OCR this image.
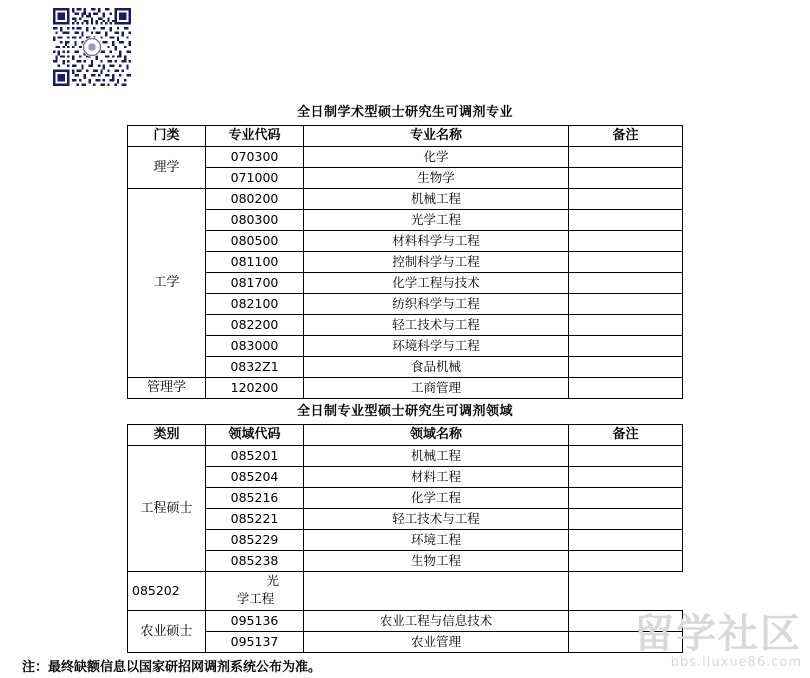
全日制学术型硕士研究生可调剂专业
门类	专业代码	专业名称	备注
理学	070300	化学	
	071000	生物学	
工学	080200	机械工程	
	080300	光学工程	
	080500	材料科学与工程	
	081100	控制科学与工程	
	081700	化学工程与技术	
	082100	纺织科学与工程	
	082200	轻工技术与工程	
	083000	环境科学与工程	
	0832Z1	食品机械	
管理学	120200	工商管理	
全日制专业型硕士研究生可调剂领域
类别	领域代码	领域名称	备注
工程硕士	085201	机械工程	
	085204	材料工程	
	085216	化学工程	
	085221	轻工技术与工程	
	085229	环境工程	
	085238	生物工程	
085202	光
学工程		
农业硕士	095136	农业工程与信息技术	
	095137	农业管理	
注：最终缺额信息以国家研招网调剂系统公布为准。
留学社区
bbs.liuxue86.com
